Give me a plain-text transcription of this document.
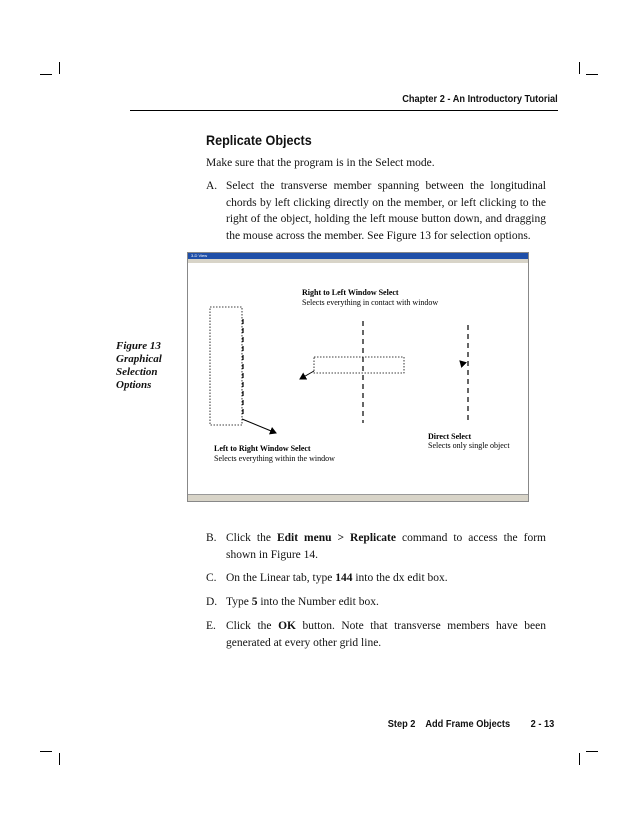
Chapter 2 - An Introductory Tutorial
Replicate Objects
Make sure that the program is in the Select mode.
A. Select the transverse member spanning between the longitudinal chords by left clicking directly on the member, or left clicking to the right of the object, holding the left mouse button down, and dragging the mouse across the member. See Figure 13 for selection options.
Figure 13
Graphical
Selection
Options
3-D View
Right to Left Window Select
Selects everything in contact with window
Left to Right Window Select
Selects everything within the window
Direct Select
Selects only single object
B. Click the Edit menu > Replicate command to access the form shown in Figure 14.
C. On the Linear tab, type 144 into the dx edit box.
D. Type 5 into the Number edit box.
E. Click the OK button. Note that transverse members have been generated at every other grid line.
Step 2    Add Frame Objects 2 - 13
